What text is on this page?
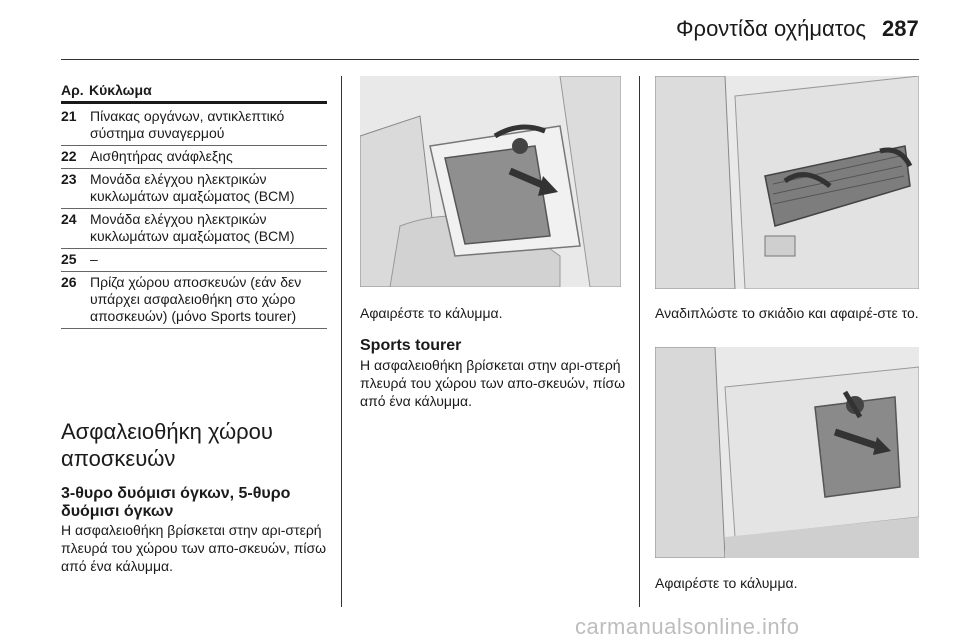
Φροντίδα οχήματος 287
Αρ. Κύκλωμα
21 Πίνακας οργάνων, αντικλεπτικό σύστημα συναγερμού
22 Αισθητήρας ανάφλεξης
23 Μονάδα ελέγχου ηλεκτρικών κυκλωμάτων αμαξώματος (BCM)
24 Μονάδα ελέγχου ηλεκτρικών κυκλωμάτων αμαξώματος (BCM)
25 –
26 Πρίζα χώρου αποσκευών (εάν δεν υπάρχει ασφαλειοθήκη στο χώρο αποσκευών) (μόνο Sports tourer)
Ασφαλειοθήκη χώρου αποσκευών
3-θυρο δυόμισι όγκων, 5-θυρο δυόμισι όγκων
Η ασφαλειοθήκη βρίσκεται στην αρι-στερή πλευρά του χώρου των απο-σκευών, πίσω από ένα κάλυμμα.
Αφαιρέστε το κάλυμμα.
Sports tourer
Η ασφαλειοθήκη βρίσκεται στην αρι-στερή πλευρά του χώρου των απο-σκευών, πίσω από ένα κάλυμμα.
Αναδιπλώστε το σκιάδιο και αφαιρέ-στε το.
Αφαιρέστε το κάλυμμα.
carmanualsonline.info
